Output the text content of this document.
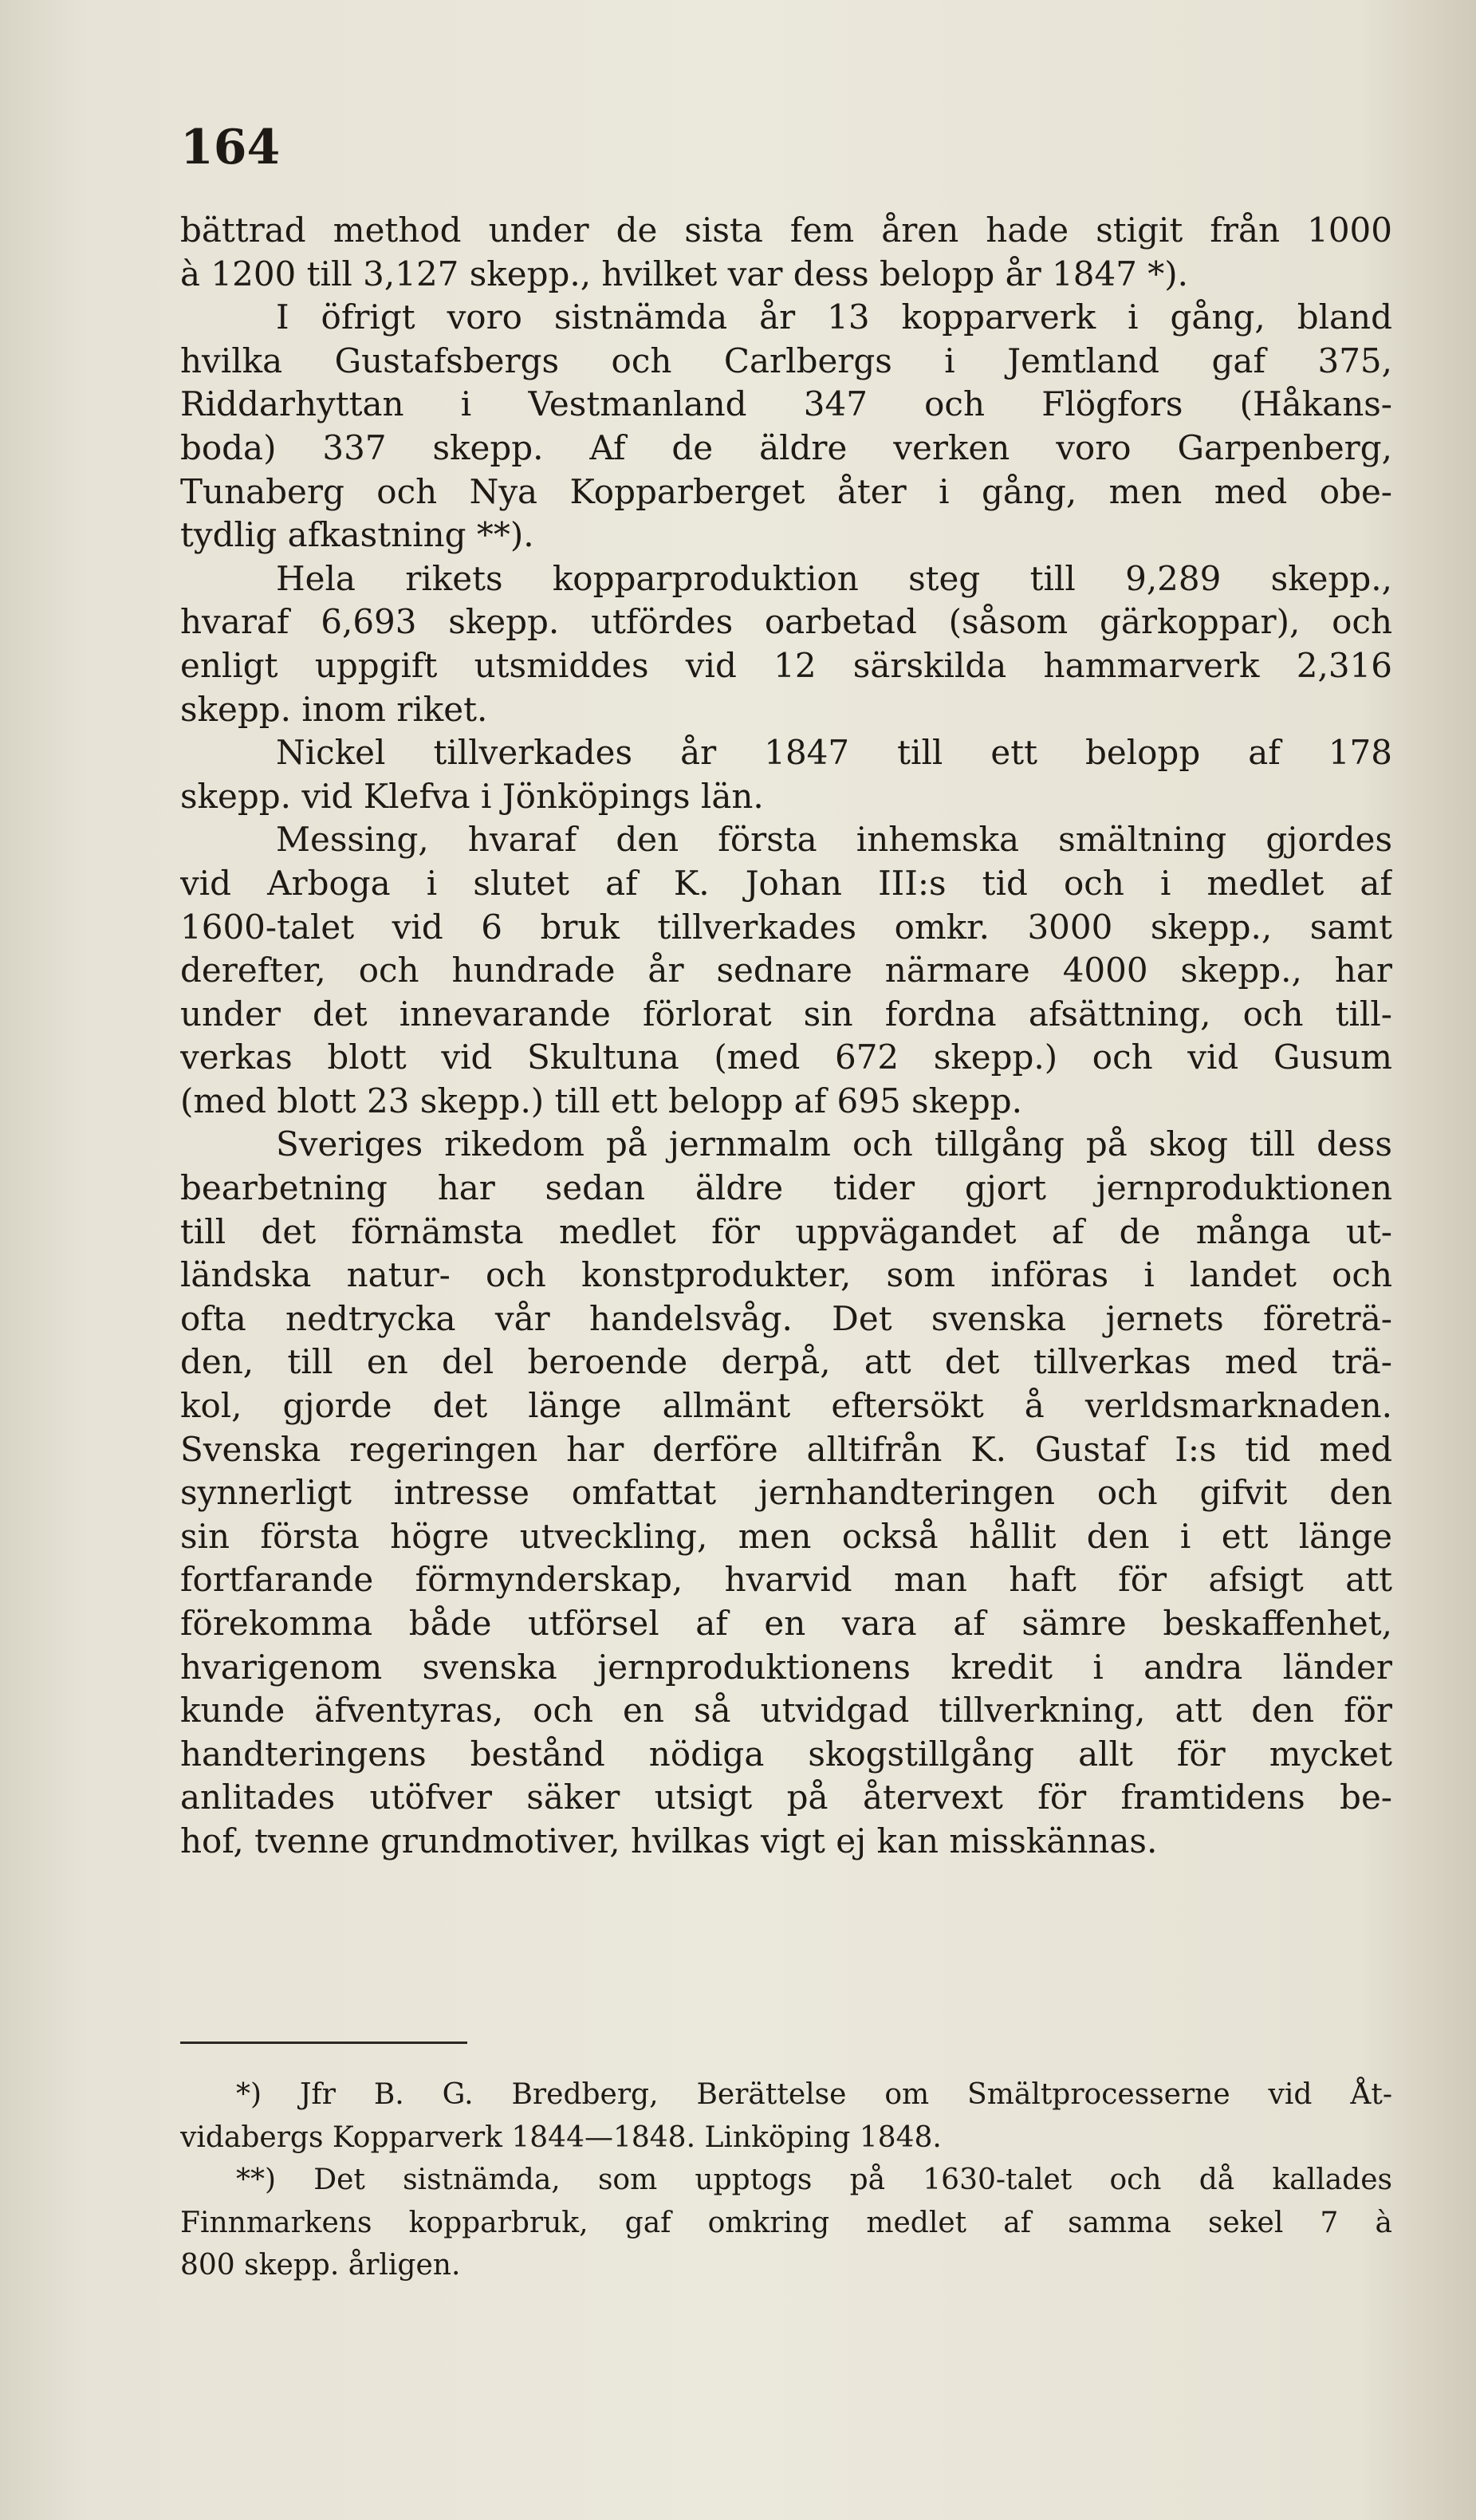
164
bättrad method under de sista fem åren hade stigit från 1000
à 1200 till 3,127 skepp., hvilket var dess belopp år 1847 *).
I öfrigt voro sistnämda år 13 kopparverk i gång, bland
hvilka Gustafsbergs och Carlbergs i Jemtland gaf 375,
Riddarhyttan i Vestmanland 347 och Flögfors (Håkans-
boda) 337 skepp. Af de äldre verken voro Garpenberg,
Tunaberg och Nya Kopparberget åter i gång, men med obe-
tydlig afkastning **).
Hela rikets kopparproduktion steg till 9,289 skepp.,
hvaraf 6,693 skepp. utfördes oarbetad (såsom gärkoppar), och
enligt uppgift utsmiddes vid 12 särskilda hammarverk 2,316
skepp. inom riket.
Nickel tillverkades år 1847 till ett belopp af 178
skepp. vid Klefva i Jönköpings län.
Messing, hvaraf den första inhemska smältning gjordes
vid Arboga i slutet af K. Johan III:s tid och i medlet af
1600-talet vid 6 bruk tillverkades omkr. 3000 skepp., samt
derefter, och hundrade år sednare närmare 4000 skepp., har
under det innevarande förlorat sin fordna afsättning, och till-
verkas blott vid Skultuna (med 672 skepp.) och vid Gusum
(med blott 23 skepp.) till ett belopp af 695 skepp.
Sveriges rikedom på jernmalm och tillgång på skog till dess
bearbetning har sedan äldre tider gjort jernproduktionen
till det förnämsta medlet för uppvägandet af de många ut-
ländska natur- och konstprodukter, som införas i landet och
ofta nedtrycka vår handelsvåg. Det svenska jernets företrä-
den, till en del beroende derpå, att det tillverkas med trä-
kol, gjorde det länge allmänt eftersökt å verldsmarknaden.
Svenska regeringen har derföre alltifrån K. Gustaf I:s tid med
synnerligt intresse omfattat jernhandteringen och gifvit den
sin första högre utveckling, men också hållit den i ett länge
fortfarande förmynderskap, hvarvid man haft för afsigt att
förekomma både utförsel af en vara af sämre beskaffenhet,
hvarigenom svenska jernproduktionens kredit i andra länder
kunde äfventyras, och en så utvidgad tillverkning, att den för
handteringens bestånd nödiga skogstillgång allt för mycket
anlitades utöfver säker utsigt på återvext för framtidens be-
hof, tvenne grundmotiver, hvilkas vigt ej kan misskännas.
*) Jfr B. G. Bredberg, Berättelse om Smältprocesserne vid Åt-
vidabergs Kopparverk 1844—1848. Linköping 1848.
**) Det sistnämda, som upptogs på 1630-talet och då kallades
Finnmarkens kopparbruk, gaf omkring medlet af samma sekel 7 à
800 skepp. årligen.
